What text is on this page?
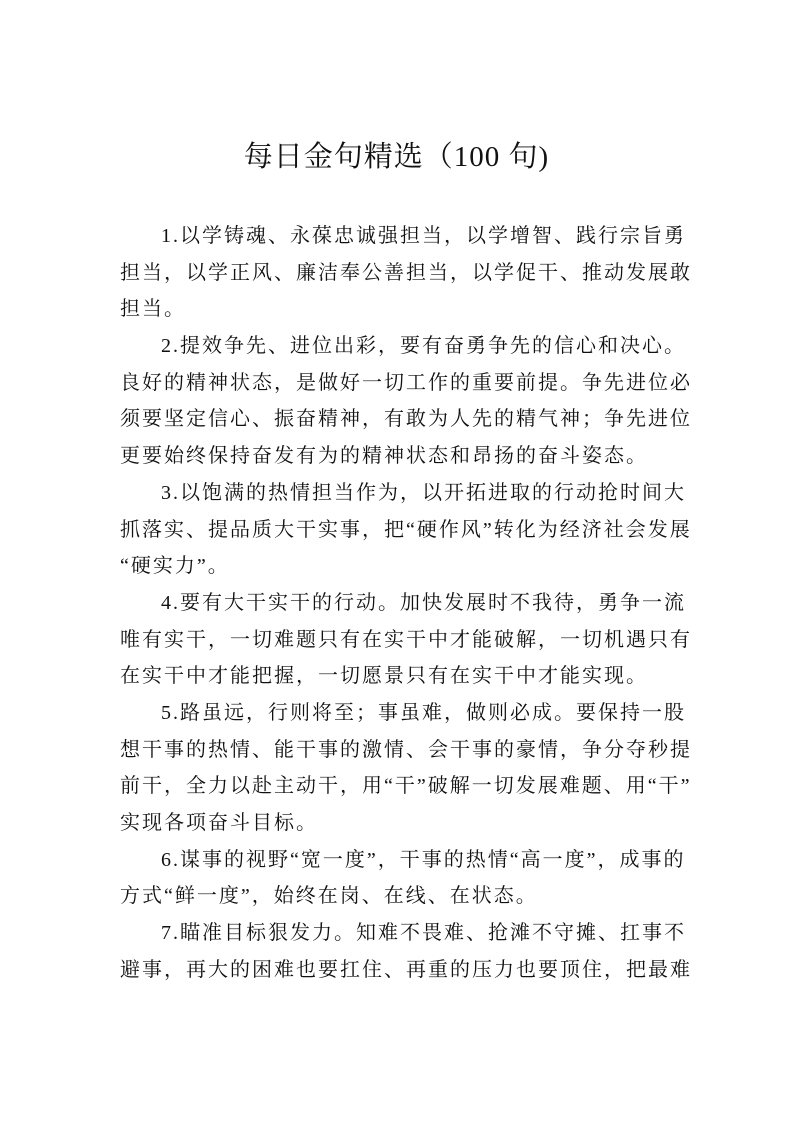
每日金句精选（100 句)
1.以学铸魂、永葆忠诚强担当，以学增智、践行宗旨勇
担当，以学正风、廉洁奉公善担当，以学促干、推动发展敢
担当。
2.提效争先、进位出彩，要有奋勇争先的信心和决心。
良好的精神状态，是做好一切工作的重要前提。争先进位必
须要坚定信心、振奋精神，有敢为人先的精气神；争先进位
更要始终保持奋发有为的精神状态和昂扬的奋斗姿态。
3.以饱满的热情担当作为，以开拓进取的行动抢时间大
抓落实、提品质大干实事，把“硬作风”转化为经济社会发展
“硬实力”。
4.要有大干实干的行动。加快发展时不我待，勇争一流
唯有实干，一切难题只有在实干中才能破解，一切机遇只有
在实干中才能把握，一切愿景只有在实干中才能实现。
5.路虽远，行则将至；事虽难，做则必成。要保持一股
想干事的热情、能干事的激情、会干事的豪情，争分夺秒提
前干，全力以赴主动干，用“干”破解一切发展难题、用“干”
实现各项奋斗目标。
6.谋事的视野“宽一度”，干事的热情“高一度”，成事的
方式“鲜一度”，始终在岗、在线、在状态。
7.瞄准目标狠发力。知难不畏难、抢滩不守摊、扛事不
避事，再大的困难也要扛住、再重的压力也要顶住，把最难
